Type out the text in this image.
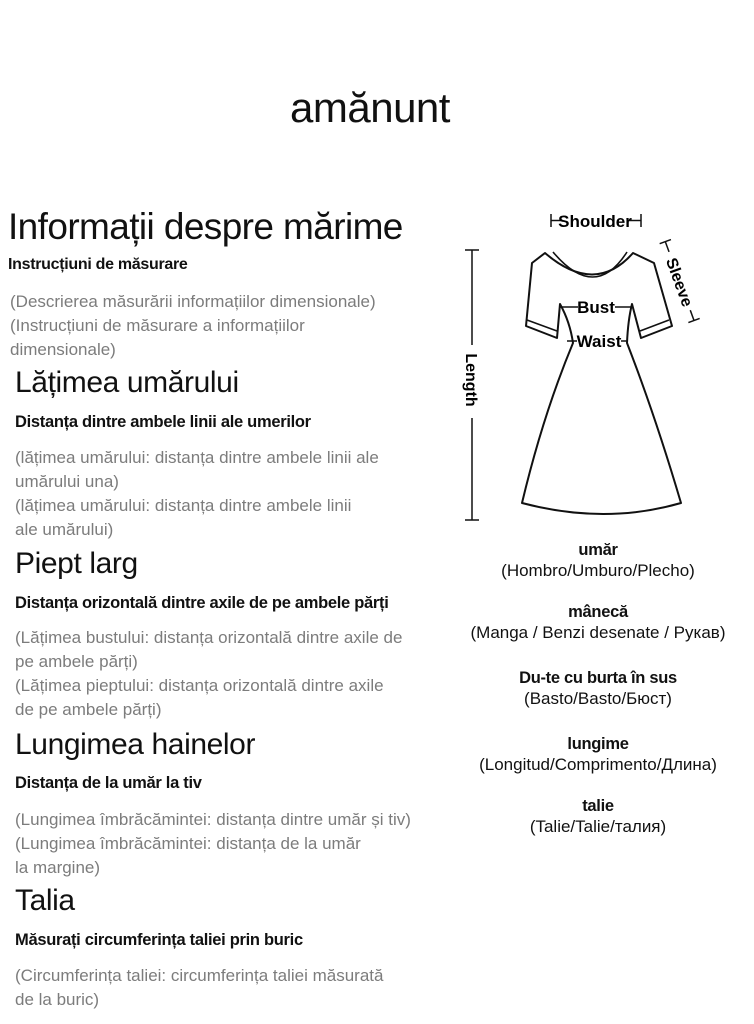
amănunt
Informații despre mărime
Instrucțiuni de măsurare
(Descrierea măsurării informațiilor dimensionale)
(Instrucțiuni de măsurare a informațiilor
dimensionale)
Lățimea umărului
Distanța dintre ambele linii ale umerilor
(lățimea umărului: distanța dintre ambele linii ale
umărului una)
(lățimea umărului: distanța dintre ambele linii
ale umărului)
Piept larg
Distanța orizontală dintre axile de pe ambele părți
(Lățimea bustului: distanța orizontală dintre axile de
pe ambele părți)
(Lățimea pieptului: distanța orizontală dintre axile
de pe ambele părți)
Lungimea hainelor
Distanța de la umăr la tiv
(Lungimea îmbrăcămintei: distanța dintre umăr și tiv)
(Lungimea îmbrăcămintei: distanța de la umăr
la margine)
Talia
Măsurați circumferința taliei prin buric
(Circumferința taliei: circumferința taliei măsurată
de la buric)
Shoulder
Sleeve
Length
Bust
Waist
umăr
(Hombro/Umburo/Plecho)
mânecă
(Manga / Benzi desenate / Рукав)
Du-te cu burta în sus
(Basto/Basto/Бюст)
lungime
(Longitud/Comprimento/Длина)
talie
(Talie/Talie/талия)
